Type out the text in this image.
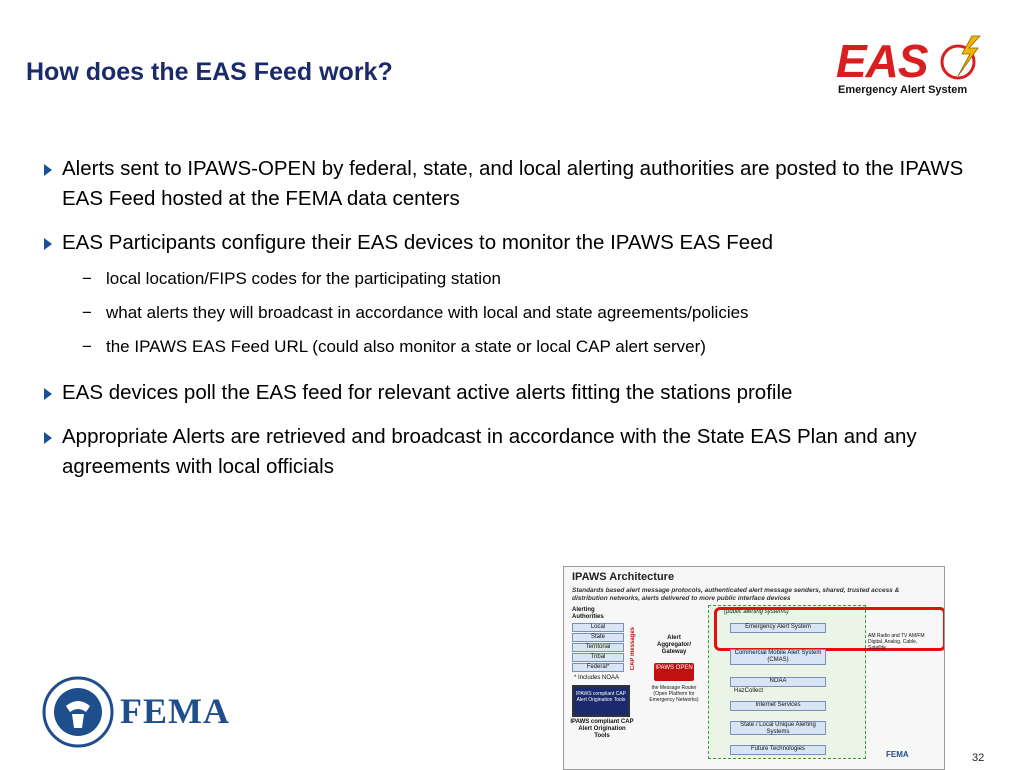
How does the EAS Feed work?	EAS
Emergency Alert System
Alerts sent to IPAWS-OPEN by federal, state, and local alerting authorities are posted to the IPAWS EAS Feed hosted at the FEMA data centers
EAS Participants configure their EAS devices to monitor the IPAWS EAS Feed
− local location/FIPS codes for the participating station
− what alerts they will broadcast in accordance with local and state agreements/policies
− the IPAWS EAS Feed URL (could also monitor a state or local CAP alert server)
EAS devices poll the EAS feed for relevant active alerts fitting the stations profile
Appropriate Alerts are retrieved and broadcast in accordance with the State EAS Plan and any agreements with local officials
IPAWS Architecture
Standards based alert message protocols, authenticated alert message senders, shared, trusted access & distribution networks, alerts delivered to more public interface devices
Alerting Authorities
Local
State
Territorial
Tribal
Federal*
* Includes NOAA
CAP messages	Alert Aggregator/ Gateway
IPAWS OPEN
the Message Router (Open Platform for Emergency Networks)
IPAWS compliant CAP Alert Origination Tools
IPAWS compliant CAP Alert Origination Tools
(public alerting systems)
Emergency Alert System
Commercial Mobile Alert System (CMAS)
NOAA
HazCollect
Internet Services
State / Local Unique Alerting Systems
Future Technologies
AM Radio and TV AM/FM Digital, Analog, Cable, Satellite
FEMA
FEMA
32
